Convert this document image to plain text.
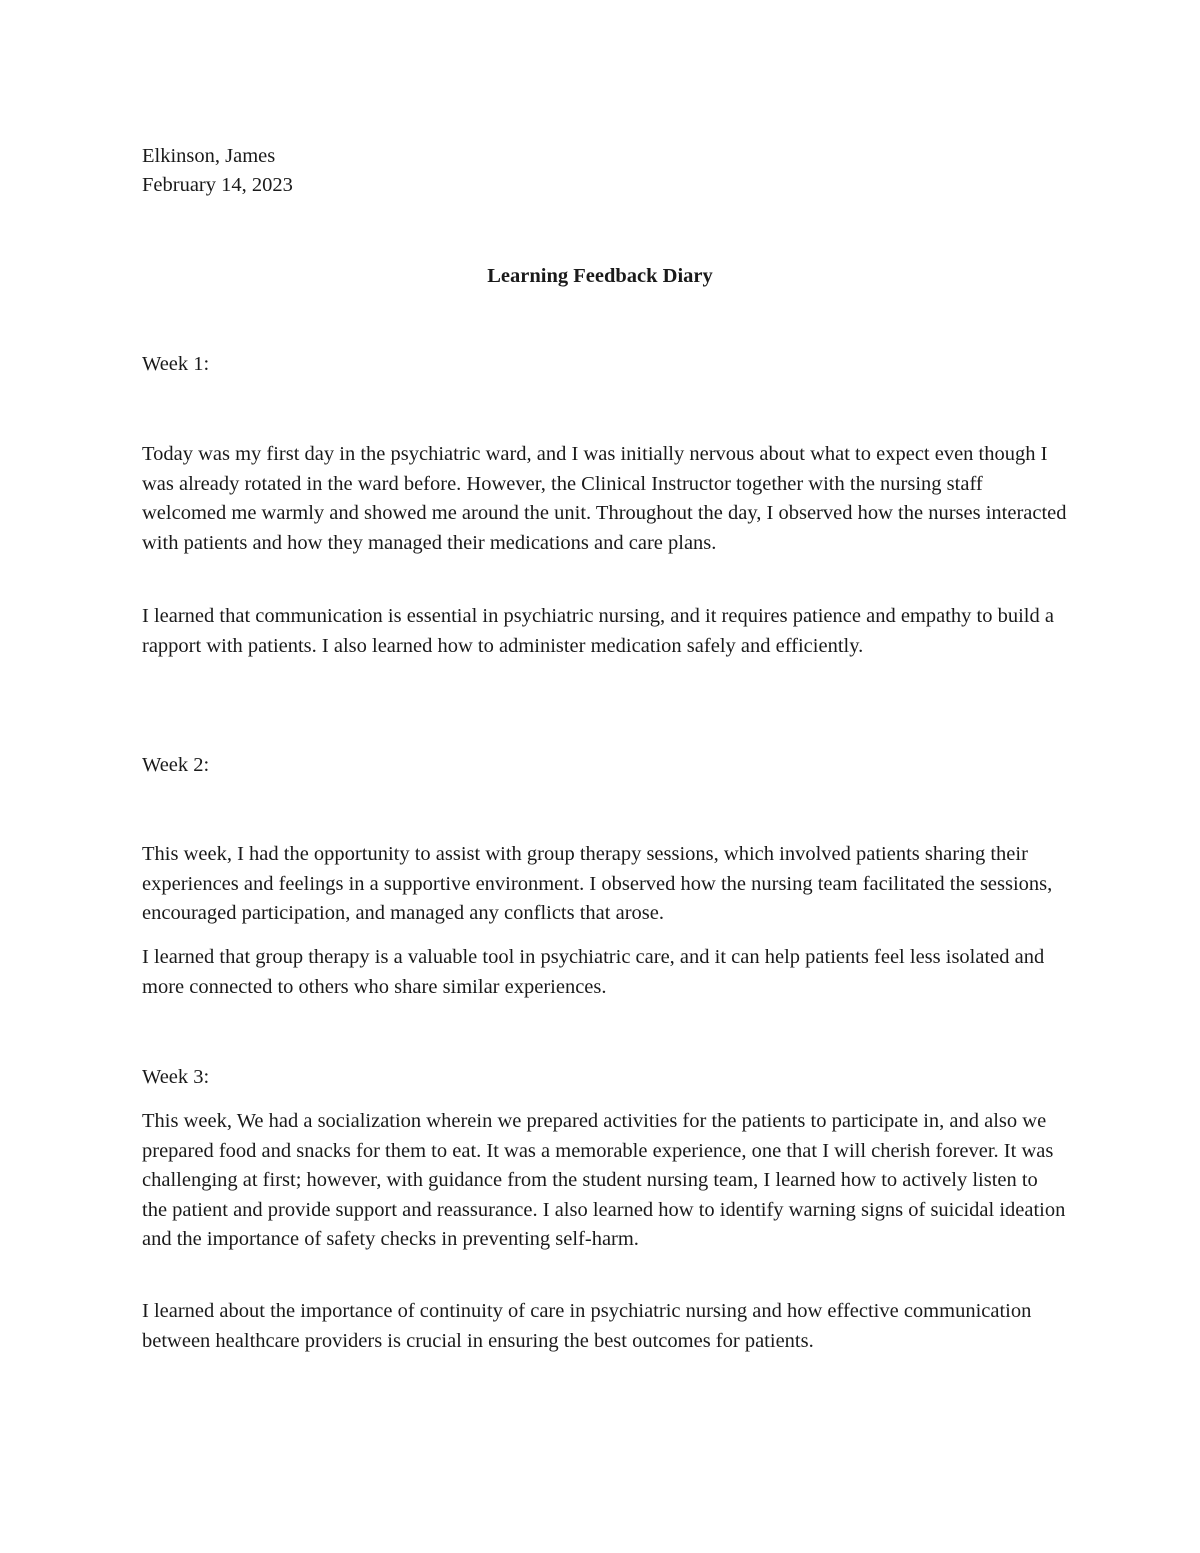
Elkinson, James

February 14, 2023

Learning Feedback Diary

Week 1:

Today was my first day in the psychiatric ward, and I was initially nervous about what to expect even though I was already rotated in the ward before. However, the Clinical Instructor together with the nursing staff welcomed me warmly and showed me around the unit. Throughout the day, I observed how the nurses interacted with patients and how they managed their medications and care plans.

I learned that communication is essential in psychiatric nursing, and it requires patience and empathy to build a rapport with patients. I also learned how to administer medication safely and efficiently.

Week 2:

This week, I had the opportunity to assist with group therapy sessions, which involved patients sharing their experiences and feelings in a supportive environment. I observed how the nursing team facilitated the sessions, encouraged participation, and managed any conflicts that arose.

I learned that group therapy is a valuable tool in psychiatric care, and it can help patients feel less isolated and more connected to others who share similar experiences.

Week 3:

This week, We had a socialization wherein we prepared activities for the patients to participate in, and also we prepared food and snacks for them to eat. It was a memorable experience, one that I will cherish forever. It was challenging at first; however, with guidance from the student nursing team, I learned how to actively listen to the patient and provide support and reassurance. I also learned how to identify warning signs of suicidal ideation and the importance of safety checks in preventing self-harm.

I learned about the importance of continuity of care in psychiatric nursing and how effective communication between healthcare providers is crucial in ensuring the best outcomes for patients.
